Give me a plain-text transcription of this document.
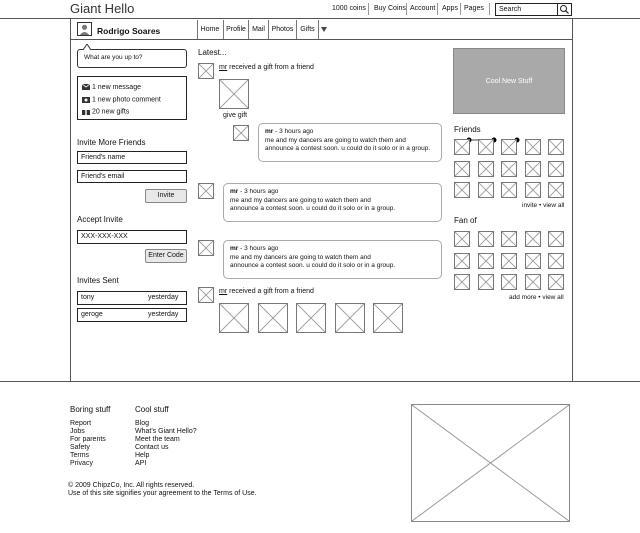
Giant Hello	1000 coins Buy Coins Account Apps Pages	Search
Rodrigo Soares	Home Profile Mail Photos Gifts
What are you up to?
1 new message
1 new photo comment
20 new gifts
Invite More Friends
Friend's name
Friend's email
Invite
Accept Invite
XXX-XXX-XXX
Enter Code
Invites Sent
tony	yesterday
geroge	yesterday
Latest...
mr received a gift from a friend
give gift
mr - 3 hours ago
me and my dancers are going to watch them and
announce a contest soon. u could do it solo or in a group.
mr - 3 hours ago
me and my dancers are going to watch them and
announce a contest soon. u could do it solo or in a group.
mr - 3 hours ago
me and my dancers are going to watch them and
announce a contest soon. u could do it solo or in a group.
mr received a gift from a friend
Cool New Stuff
Friends
invite • view all
Fan of
add more • view all
Boring stuff
Report
Jobs
For parents
Safety
Terms
Privacy
Cool stuff
Blog
What's Giant Hello?
Meet the team
Contact us
Help
API
© 2009 ChipzCo, Inc. All rights reserved.
Use of this site signifies your agreement to the Terms of Use.
